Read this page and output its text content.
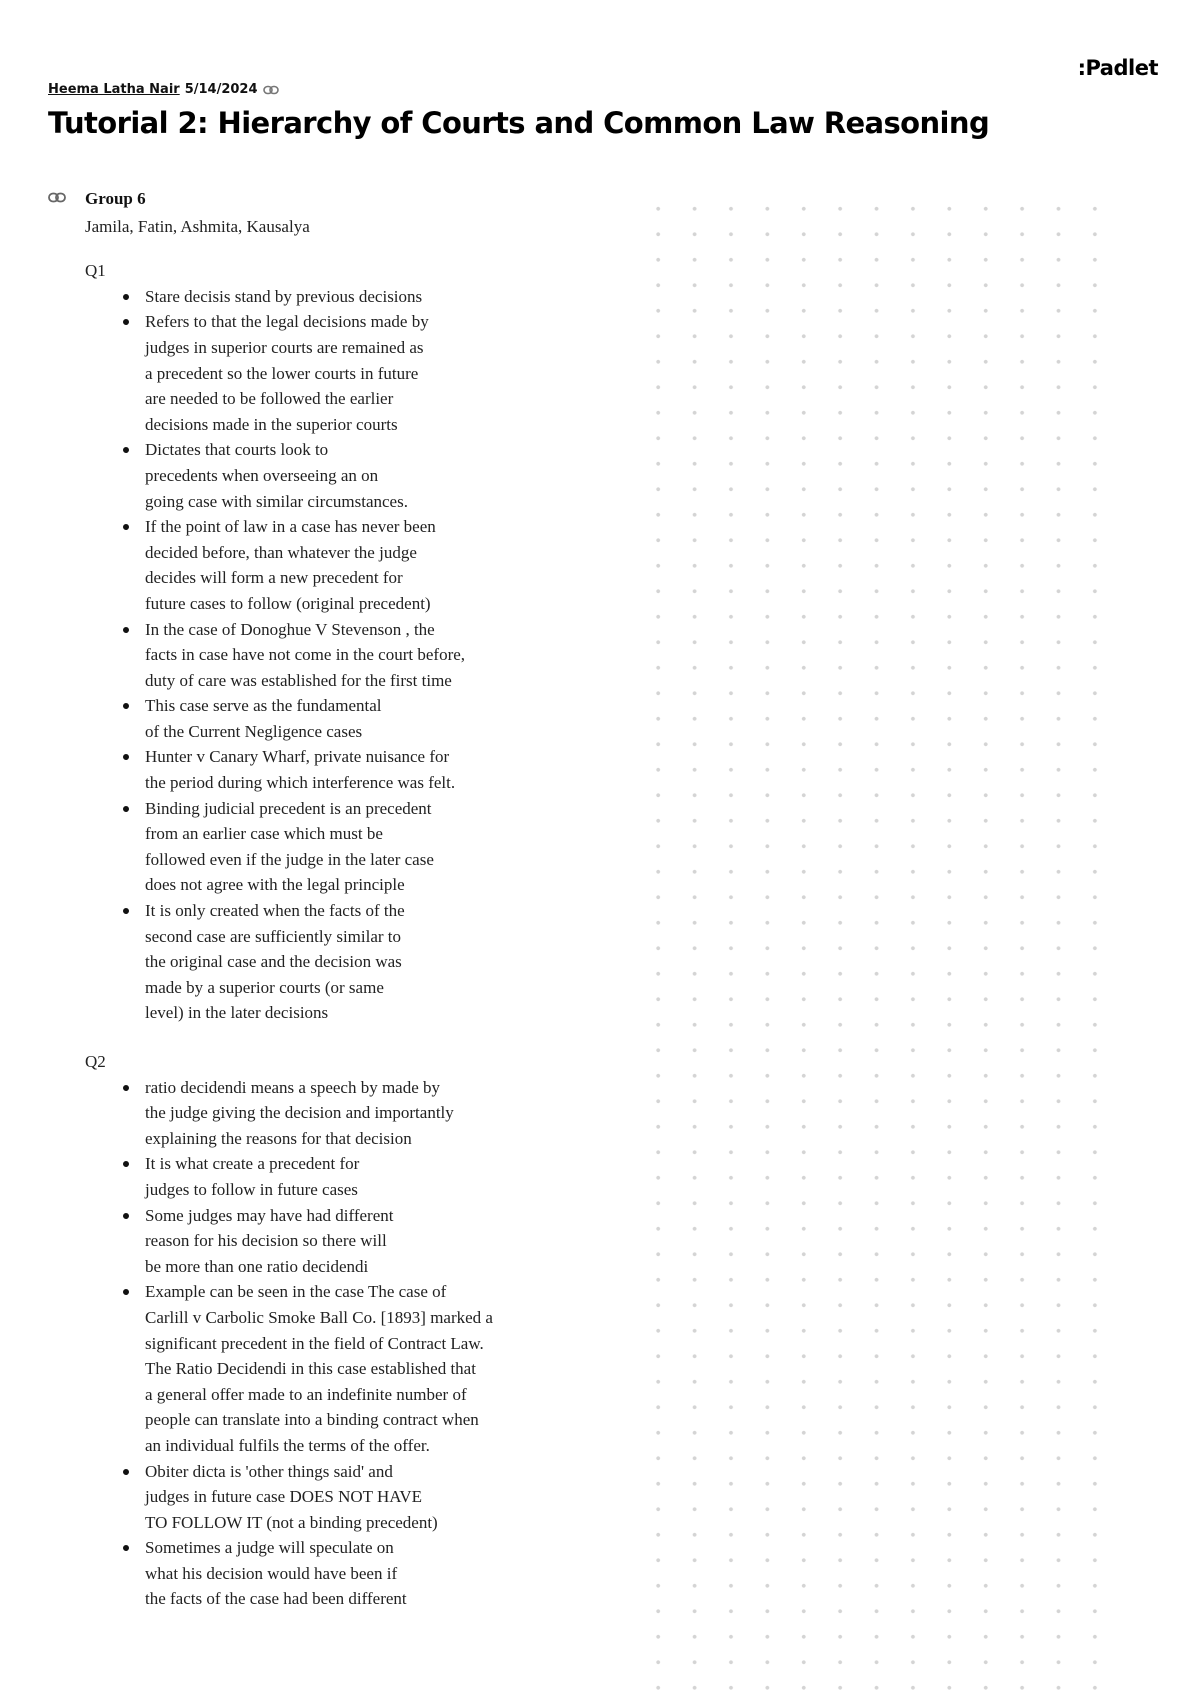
:Padlet
Heema Latha Nair 5/14/2024
Tutorial 2: Hierarchy of Courts and Common Law Reasoning
Group 6
Jamila, Fatin, Ashmita, Kausalya
Q1
Stare decisis stand by previous decisions
Refers to that the legal decisions made by
judges in superior courts are remained as
a precedent so the lower courts in future
are needed to be followed the earlier
decisions made in the superior courts
Dictates that courts look to
precedents when overseeing an on
going case with similar circumstances.
If the point of law in a case has never been
decided before, than whatever the judge
decides will form a new precedent for
future cases to follow (original precedent)
In the case of Donoghue V Stevenson , the
facts in case have not come in the court before,
duty of care was established for the first time
This case serve as the fundamental
of the Current Negligence cases
Hunter v Canary Wharf, private nuisance for
the period during which interference was felt.
Binding judicial precedent is an precedent
from an earlier case which must be
followed even if the judge in the later case
does not agree with the legal principle
It is only created when the facts of the
second case are sufficiently similar to
the original case and the decision was
made by a superior courts (or same
level) in the later decisions
Q2
ratio decidendi means a speech by made by
the judge giving the decision and importantly
explaining the reasons for that decision
It is what create a precedent for
judges to follow in future cases
Some judges may have had different
reason for his decision so there will
be more than one ratio decidendi
Example can be seen in the case The case of
Carlill v Carbolic Smoke Ball Co. [1893] marked a
significant precedent in the field of Contract Law.
The Ratio Decidendi in this case established that
a general offer made to an indefinite number of
people can translate into a binding contract when
an individual fulfils the terms of the offer.
Obiter dicta is 'other things said' and
judges in future case DOES NOT HAVE
TO FOLLOW IT (not a binding precedent)
Sometimes a judge will speculate on
what his decision would have been if
the facts of the case had been different
